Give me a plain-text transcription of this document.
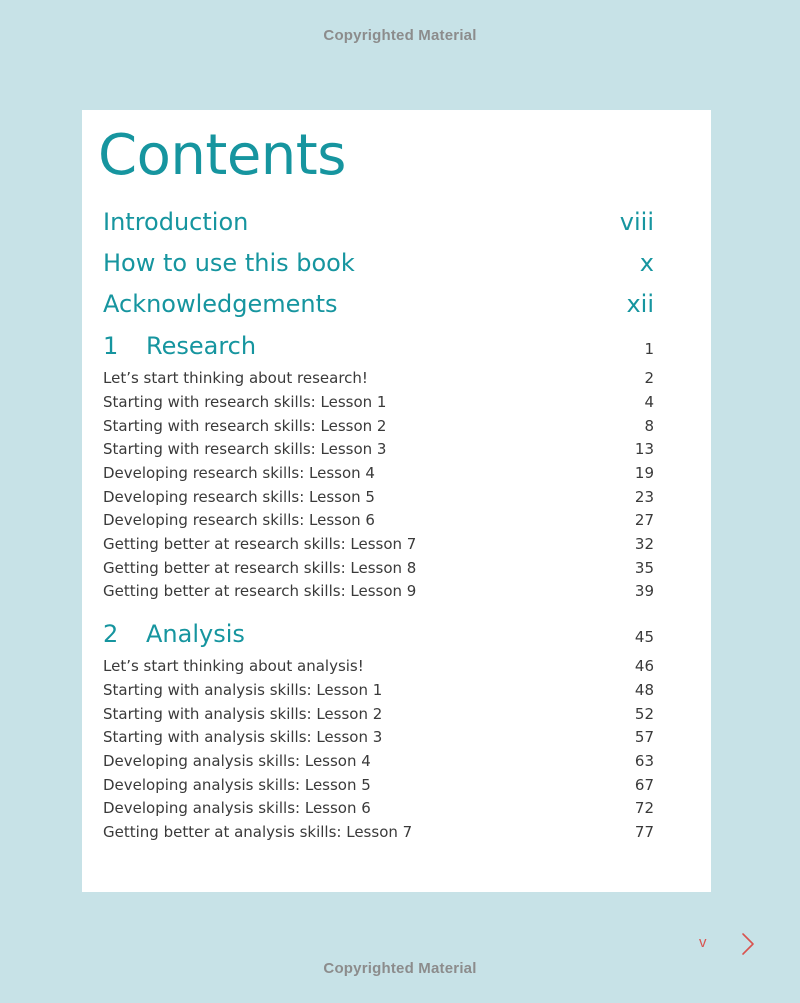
Copyrighted Material
Contents
Introduction	viii
How to use this book	x
Acknowledgements	xii
1 Research	1
Let’s start thinking about research!	2
Starting with research skills: Lesson 1	4
Starting with research skills: Lesson 2	8
Starting with research skills: Lesson 3	13
Developing research skills: Lesson 4	19
Developing research skills: Lesson 5	23
Developing research skills: Lesson 6	27
Getting better at research skills: Lesson 7	32
Getting better at research skills: Lesson 8	35
Getting better at research skills: Lesson 9	39
2 Analysis	45
Let’s start thinking about analysis!	46
Starting with analysis skills: Lesson 1	48
Starting with analysis skills: Lesson 2	52
Starting with analysis skills: Lesson 3	57
Developing analysis skills: Lesson 4	63
Developing analysis skills: Lesson 5	67
Developing analysis skills: Lesson 6	72
Getting better at analysis skills: Lesson 7	77
v
Copyrighted Material
